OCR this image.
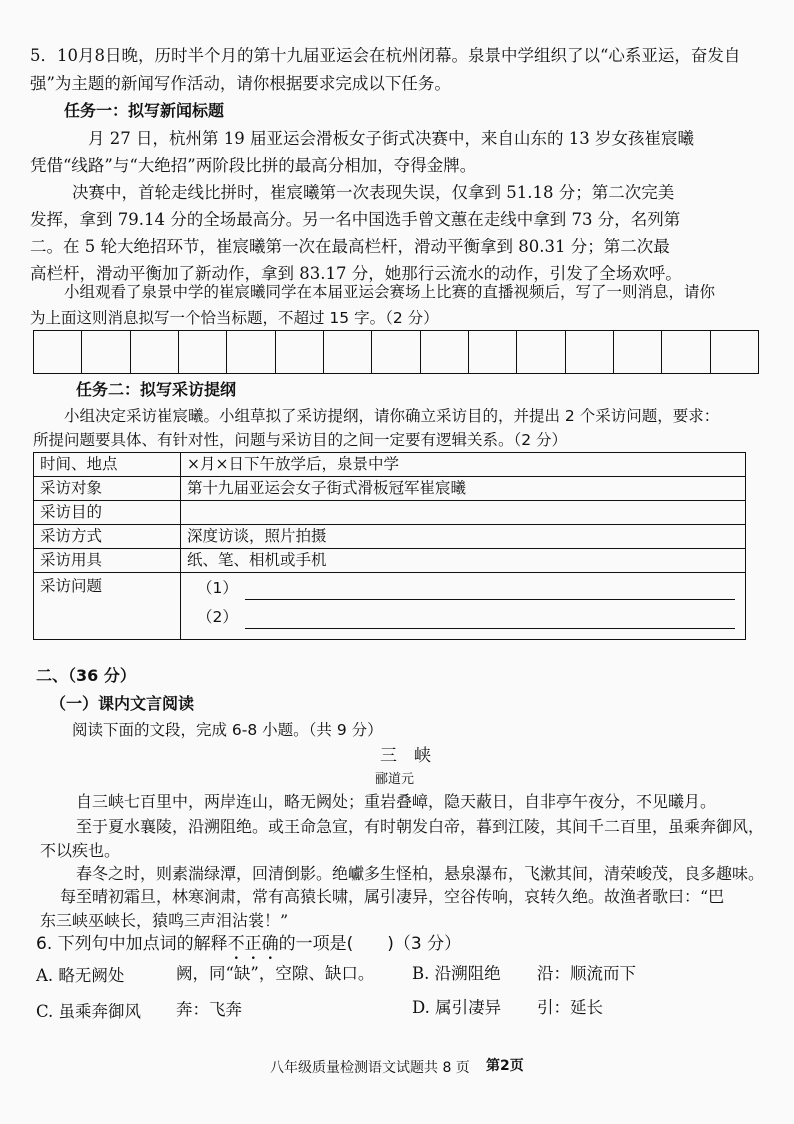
5．10月8日晚，历时半个月的第十九届亚运会在杭州闭幕。泉景中学组织了以“心系亚运，奋发自
强”为主题的新闻写作活动，请你根据要求完成以下任务。
任务一：拟写新闻标题
月 27 日，杭州第 19 届亚运会滑板女子街式决赛中，来自山东的 13 岁女孩崔宸曦
凭借“线路”与“大绝招”两阶段比拼的最高分相加，夺得金牌。
决赛中，首轮走线比拼时，崔宸曦第一次表现失误，仅拿到 51.18 分；第二次完美
发挥，拿到 79.14 分的全场最高分。另一名中国选手曾文蕙在走线中拿到 73 分，名列第
二。在 5 轮大绝招环节，崔宸曦第一次在最高栏杆，滑动平衡拿到 80.31 分；第二次最
高栏杆，滑动平衡加了新动作，拿到 83.17 分，她那行云流水的动作，引发了全场欢呼。
小组观看了泉景中学的崔宸曦同学在本届亚运会赛场上比赛的直播视频后，写了一则消息，请你
为上面这则消息拟写一个恰当标题，不超过 15 字。（2 分）
任务二：拟写采访提纲
小组决定采访崔宸曦。小组草拟了采访提纲，请你确立采访目的，并提出 2 个采访问题，要求：
所提问题要具体、有针对性，问题与采访目的之间一定要有逻辑关系。（2 分）
时间、地点	×月×日下午放学后，泉景中学
采访对象	第十九届亚运会女子街式滑板冠军崔宸曦
采访目的	
采访方式	深度访谈，照片拍摄
采访用具	纸、笔、相机或手机
采访问题	（1）
（2）
二、（36 分）
（一）课内文言阅读
阅读下面的文段，完成 6-8 小题。（共 9 分）
三　峡
郦道元
自三峡七百里中，两岸连山，略无阙处；重岩叠嶂，隐天蔽日，自非亭午夜分，不见曦月。
至于夏水襄陵，沿溯阻绝。或王命急宣，有时朝发白帝，暮到江陵，其间千二百里，虽乘奔御风，
不以疾也。
春冬之时，则素湍绿潭，回清倒影。绝巘多生怪柏，悬泉瀑布，飞漱其间，清荣峻茂，良多趣味。
每至晴初霜旦，林寒涧肃，常有高猿长啸，属引凄异，空谷传响，哀转久绝。故渔者歌曰：“巴
东三峡巫峡长，猿鸣三声泪沾裳！”
6. 下列句中加点词的解释不正确的一项是(　　)（3 分）
A. 略无阙处	阙，同“缺”，空隙、缺口。 B. 沿溯阻绝 沿：顺流而下
C. 虽乘奔御风 奔：飞奔	D. 属引凄异 引：延长
八年级质量检测语文试题共 8 页 第2页
